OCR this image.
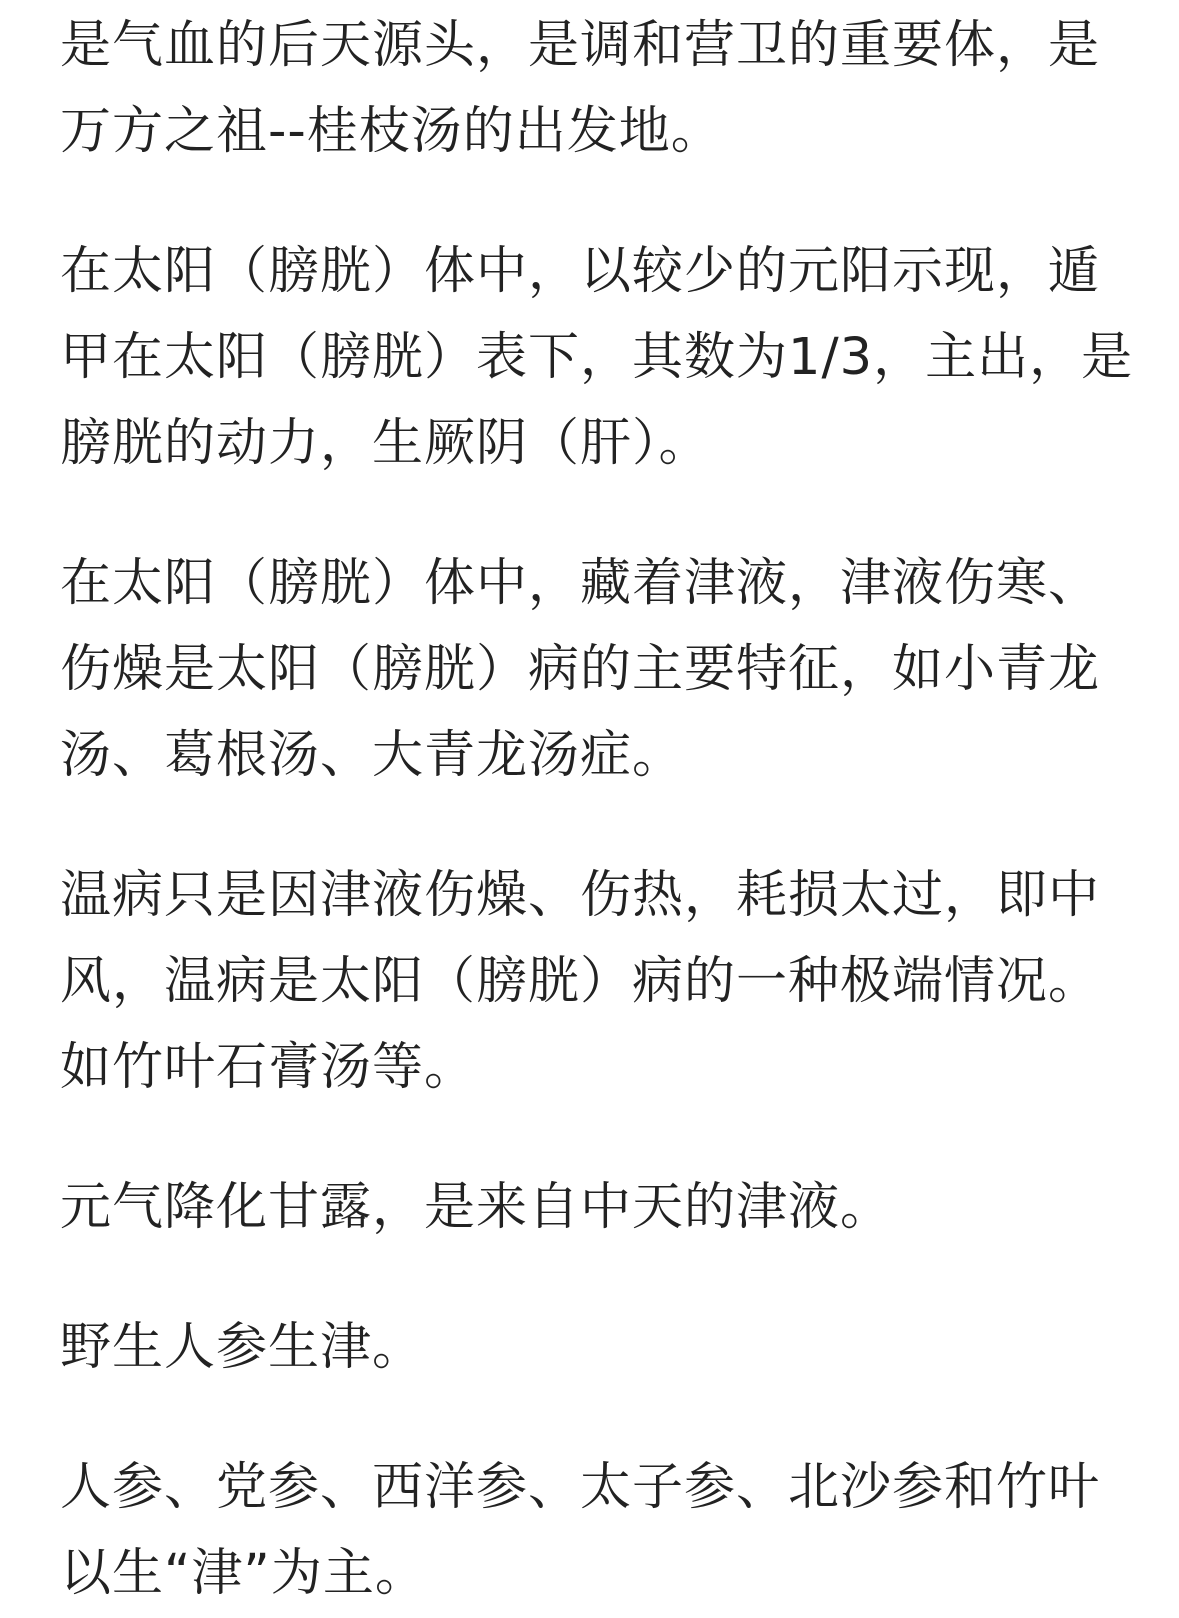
是气血的后天源头，是调和营卫的重要体，是
万方之祖--桂枝汤的出发地。

在太阳（膀胱）体中，以较少的元阳示现，遁
甲在太阳（膀胱）表下，其数为1/3，主出，是
膀胱的动力，生厥阴（肝）。

在太阳（膀胱）体中，藏着津液，津液伤寒、
伤燥是太阳（膀胱）病的主要特征，如小青龙
汤、葛根汤、大青龙汤症。

温病只是因津液伤燥、伤热，耗损太过，即中
风，温病是太阳（膀胱）病的一种极端情况。
如竹叶石膏汤等。

元气降化甘露，是来自中天的津液。

野生人参生津。

人参、党参、西洋参、太子参、北沙参和竹叶
以生“津”为主。
